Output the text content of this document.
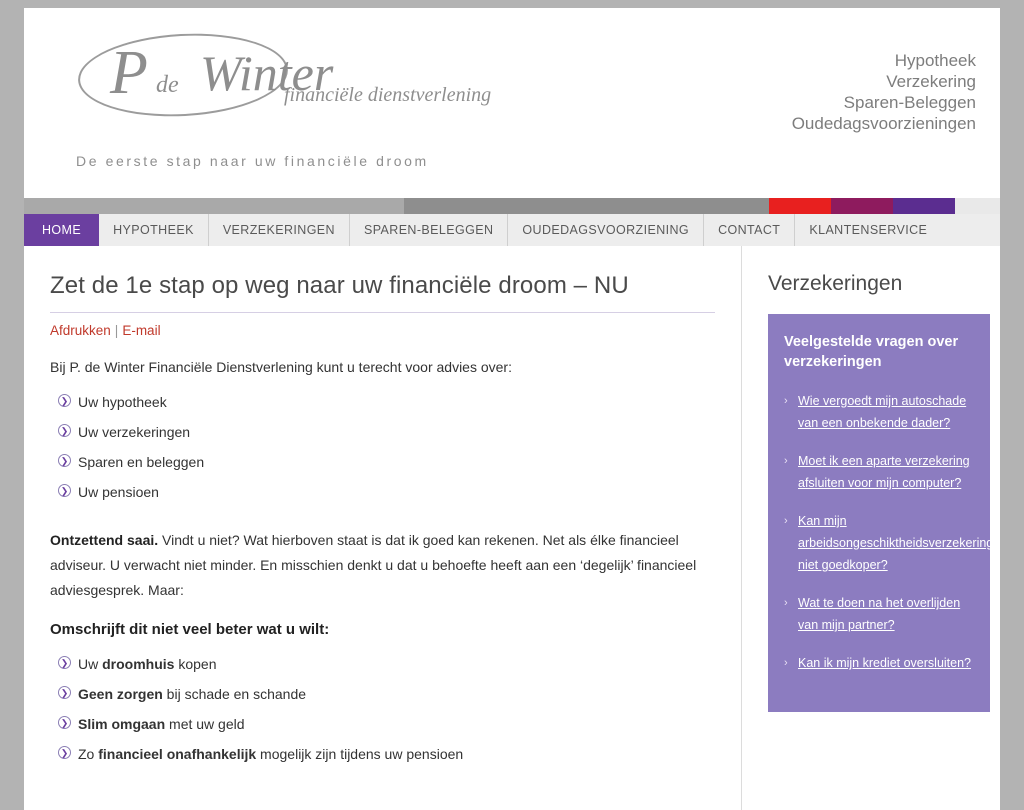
P de Winter
financiële dienstverlening
De eerste stap naar uw financiële droom
Hypotheek
Verzekering
Sparen-Beleggen
Oudedagsvoorzieningen
HOME	HYPOTHEEK	VERZEKERINGEN	SPAREN-BELEGGEN	OUDEDAGSVOORZIENING	CONTACT	KLANTENSERVICE
Zet de 1e stap op weg naar uw financiële droom – NU
Afdrukken | E-mail

Bij P. de Winter Financiële Dienstverlening kunt u terecht voor advies over:

❯ Uw hypotheek
❯ Uw verzekeringen
❯ Sparen en beleggen
❯ Uw pensioen

Ontzettend saai. Vindt u niet? Wat hierboven staat is dat ik goed kan rekenen. Net als élke financieel adviseur. U verwacht niet minder. En misschien denkt u dat u behoefte heeft aan een ‘degelijk’ financieel adviesgesprek. Maar:

Omschrijft dit niet veel beter wat u wilt:
❯ Uw droomhuis kopen
❯ Geen zorgen bij schade en schande
❯ Slim omgaan met uw geld
❯ Zo financieel onafhankelijk mogelijk zijn tijdens uw pensioen
Verzekeringen
Veelgestelde vragen over verzekeringen
› Wie vergoedt mijn autoschade van een onbekende dader?
› Moet ik een aparte verzekering afsluiten voor mijn computer?
› Kan mijn arbeidsongeschiktheidsverzekering niet goedkoper?
› Wat te doen na het overlijden van mijn partner?
› Kan ik mijn krediet oversluiten?
